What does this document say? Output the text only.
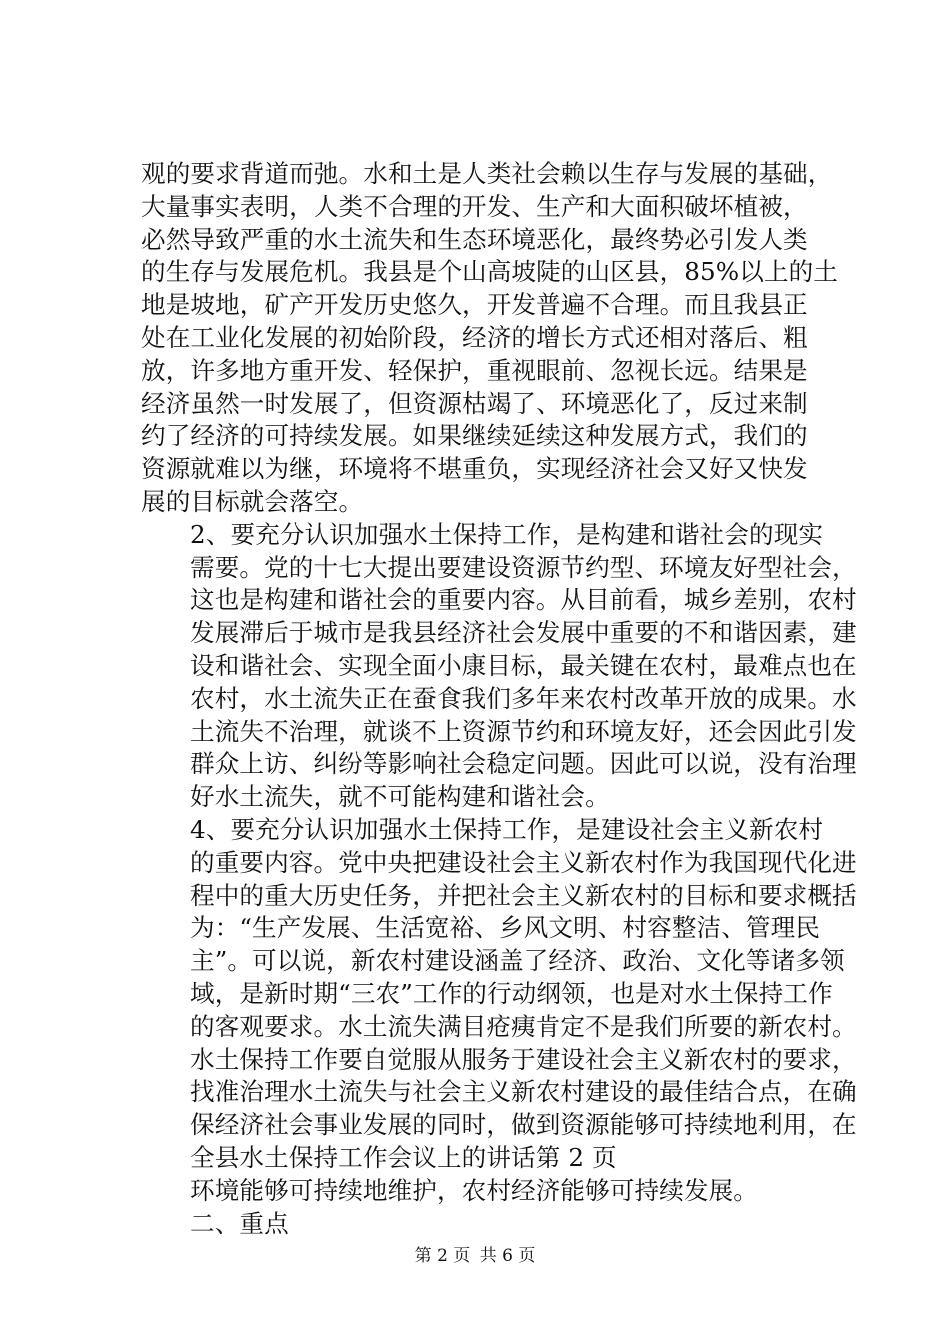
观的要求背道而弛。水和土是人类社会赖以生存与发展的基础，
大量事实表明，人类不合理的开发、生产和大面积破坏植被，
必然导致严重的水土流失和生态环境恶化，最终势必引发人类
的生存与发展危机。我县是个山高坡陡的山区县，85%以上的土
地是坡地，矿产开发历史悠久，开发普遍不合理。而且我县正
处在工业化发展的初始阶段，经济的增长方式还相对落后、粗
放，许多地方重开发、轻保护，重视眼前、忽视长远。结果是
经济虽然一时发展了，但资源枯竭了、环境恶化了，反过来制
约了经济的可持续发展。如果继续延续这种发展方式，我们的
资源就难以为继，环境将不堪重负，实现经济社会又好又快发
展的目标就会落空。
2、要充分认识加强水土保持工作，是构建和谐社会的现实
需要。党的十七大提出要建设资源节约型、环境友好型社会，
这也是构建和谐社会的重要内容。从目前看，城乡差别，农村
发展滞后于城市是我县经济社会发展中重要的不和谐因素，建
设和谐社会、实现全面小康目标，最关键在农村，最难点也在
农村，水土流失正在蚕食我们多年来农村改革开放的成果。水
土流失不治理，就谈不上资源节约和环境友好，还会因此引发
群众上访、纠纷等影响社会稳定问题。因此可以说，没有治理
好水土流失，就不可能构建和谐社会。
4、要充分认识加强水土保持工作，是建设社会主义新农村
的重要内容。党中央把建设社会主义新农村作为我国现代化进
程中的重大历史任务，并把社会主义新农村的目标和要求概括
为：“生产发展、生活宽裕、乡风文明、村容整洁、管理民
主”。可以说，新农村建设涵盖了经济、政治、文化等诸多领
域，是新时期“三农”工作的行动纲领，也是对水土保持工作
的客观要求。水土流失满目疮痍肯定不是我们所要的新农村。
水土保持工作要自觉服从服务于建设社会主义新农村的要求，
找准治理水土流失与社会主义新农村建设的最佳结合点，在确
保经济社会事业发展的同时，做到资源能够可持续地利用，在
全县水土保持工作会议上的讲话第 2 页
环境能够可持续地维护，农村经济能够可持续发展。
二、重点
第 2 页 共 6 页
